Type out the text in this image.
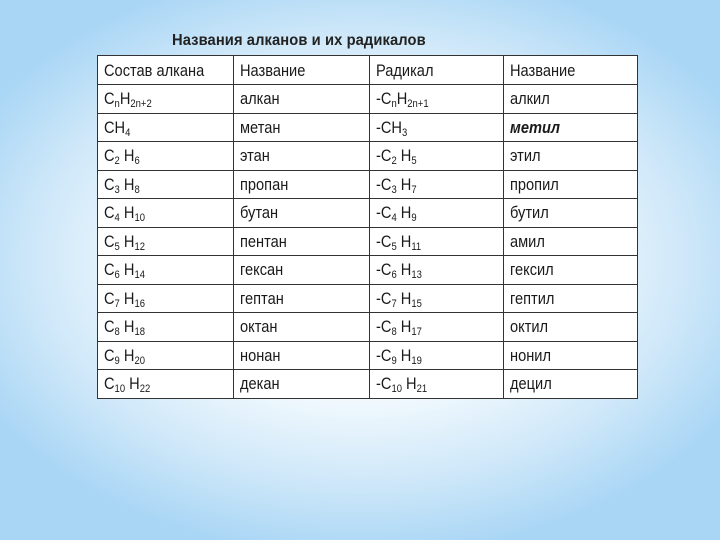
Названия алканов и их радикалов
Состав алкана	Название	Радикал	Название
CnH2n+2	алкан	-CnH2n+1	алкил
CH4	метан	-CH3	метил
C2 H6	этан	-C2 H5	этил
C3 H8	пропан	-C3 H7	пропил
C4 H10	бутан	-C4 H9	бутил
C5 H12	пентан	-C5 H11	амил
C6 H14	гексан	-C6 H13	гексил
C7 H16	гептан	-C7 H15	гептил
C8 H18	октан	-C8 H17	октил
C9 H20	нонан	-C9 H19	нонил
C10 H22	декан	-C10 H21	децил
